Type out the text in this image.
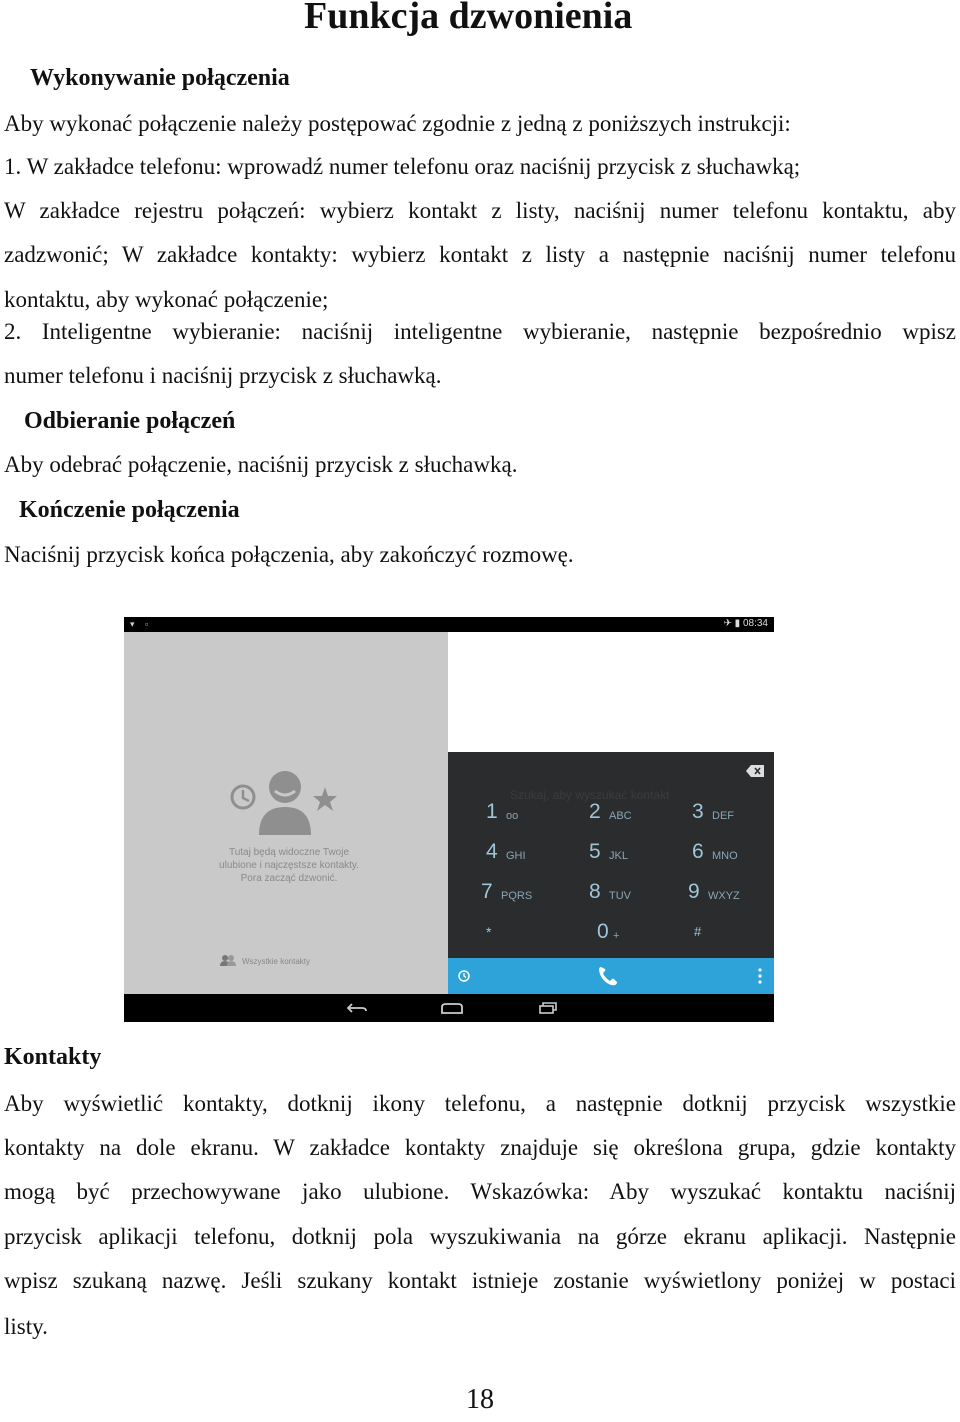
Funkcja dzwonienia
Wykonywanie połączenia
Aby wykonać połączenie należy postępować zgodnie z jedną z poniższych instrukcji:
1. W zakładce telefonu: wprowadź numer telefonu oraz naciśnij przycisk z słuchawką;
W zakładce rejestru połączeń: wybierz kontakt z listy, naciśnij numer telefonu kontaktu, aby
zadzwonić; W zakładce kontakty: wybierz kontakt z listy a następnie naciśnij numer telefonu
kontaktu, aby wykonać połączenie;
2. Inteligentne wybieranie: naciśnij inteligentne wybieranie, następnie bezpośrednio wpisz
numer telefonu i naciśnij przycisk z słuchawką.
Odbieranie połączeń
Aby odebrać połączenie, naciśnij przycisk z słuchawką.
Kończenie połączenia
Naciśnij przycisk końca połączenia, aby zakończyć rozmowę.
▾ ▫	✈ ▮ 08:34
Tutaj będą widoczne Twoje
ulubione i najczęstsze kontakty.
Pora zacząć dzwonić.
Wszystkie kontakty
Szukaj, aby wyszukać kontakt
1 oo	2 ABC	3 DEF
4 GHI	5 JKL	6 MNO
7 PQRS	8 TUV	9 WXYZ
*	0 +	#
Kontakty
Aby wyświetlić kontakty, dotknij ikony telefonu, a następnie dotknij przycisk wszystkie
kontakty na dole ekranu. W zakładce kontakty znajduje się określona grupa, gdzie kontakty
mogą być przechowywane jako ulubione. Wskazówka: Aby wyszukać kontaktu naciśnij
przycisk aplikacji telefonu, dotknij pola wyszukiwania na górze ekranu aplikacji. Następnie
wpisz szukaną nazwę. Jeśli szukany kontakt istnieje zostanie wyświetlony poniżej w postaci
listy.
18
